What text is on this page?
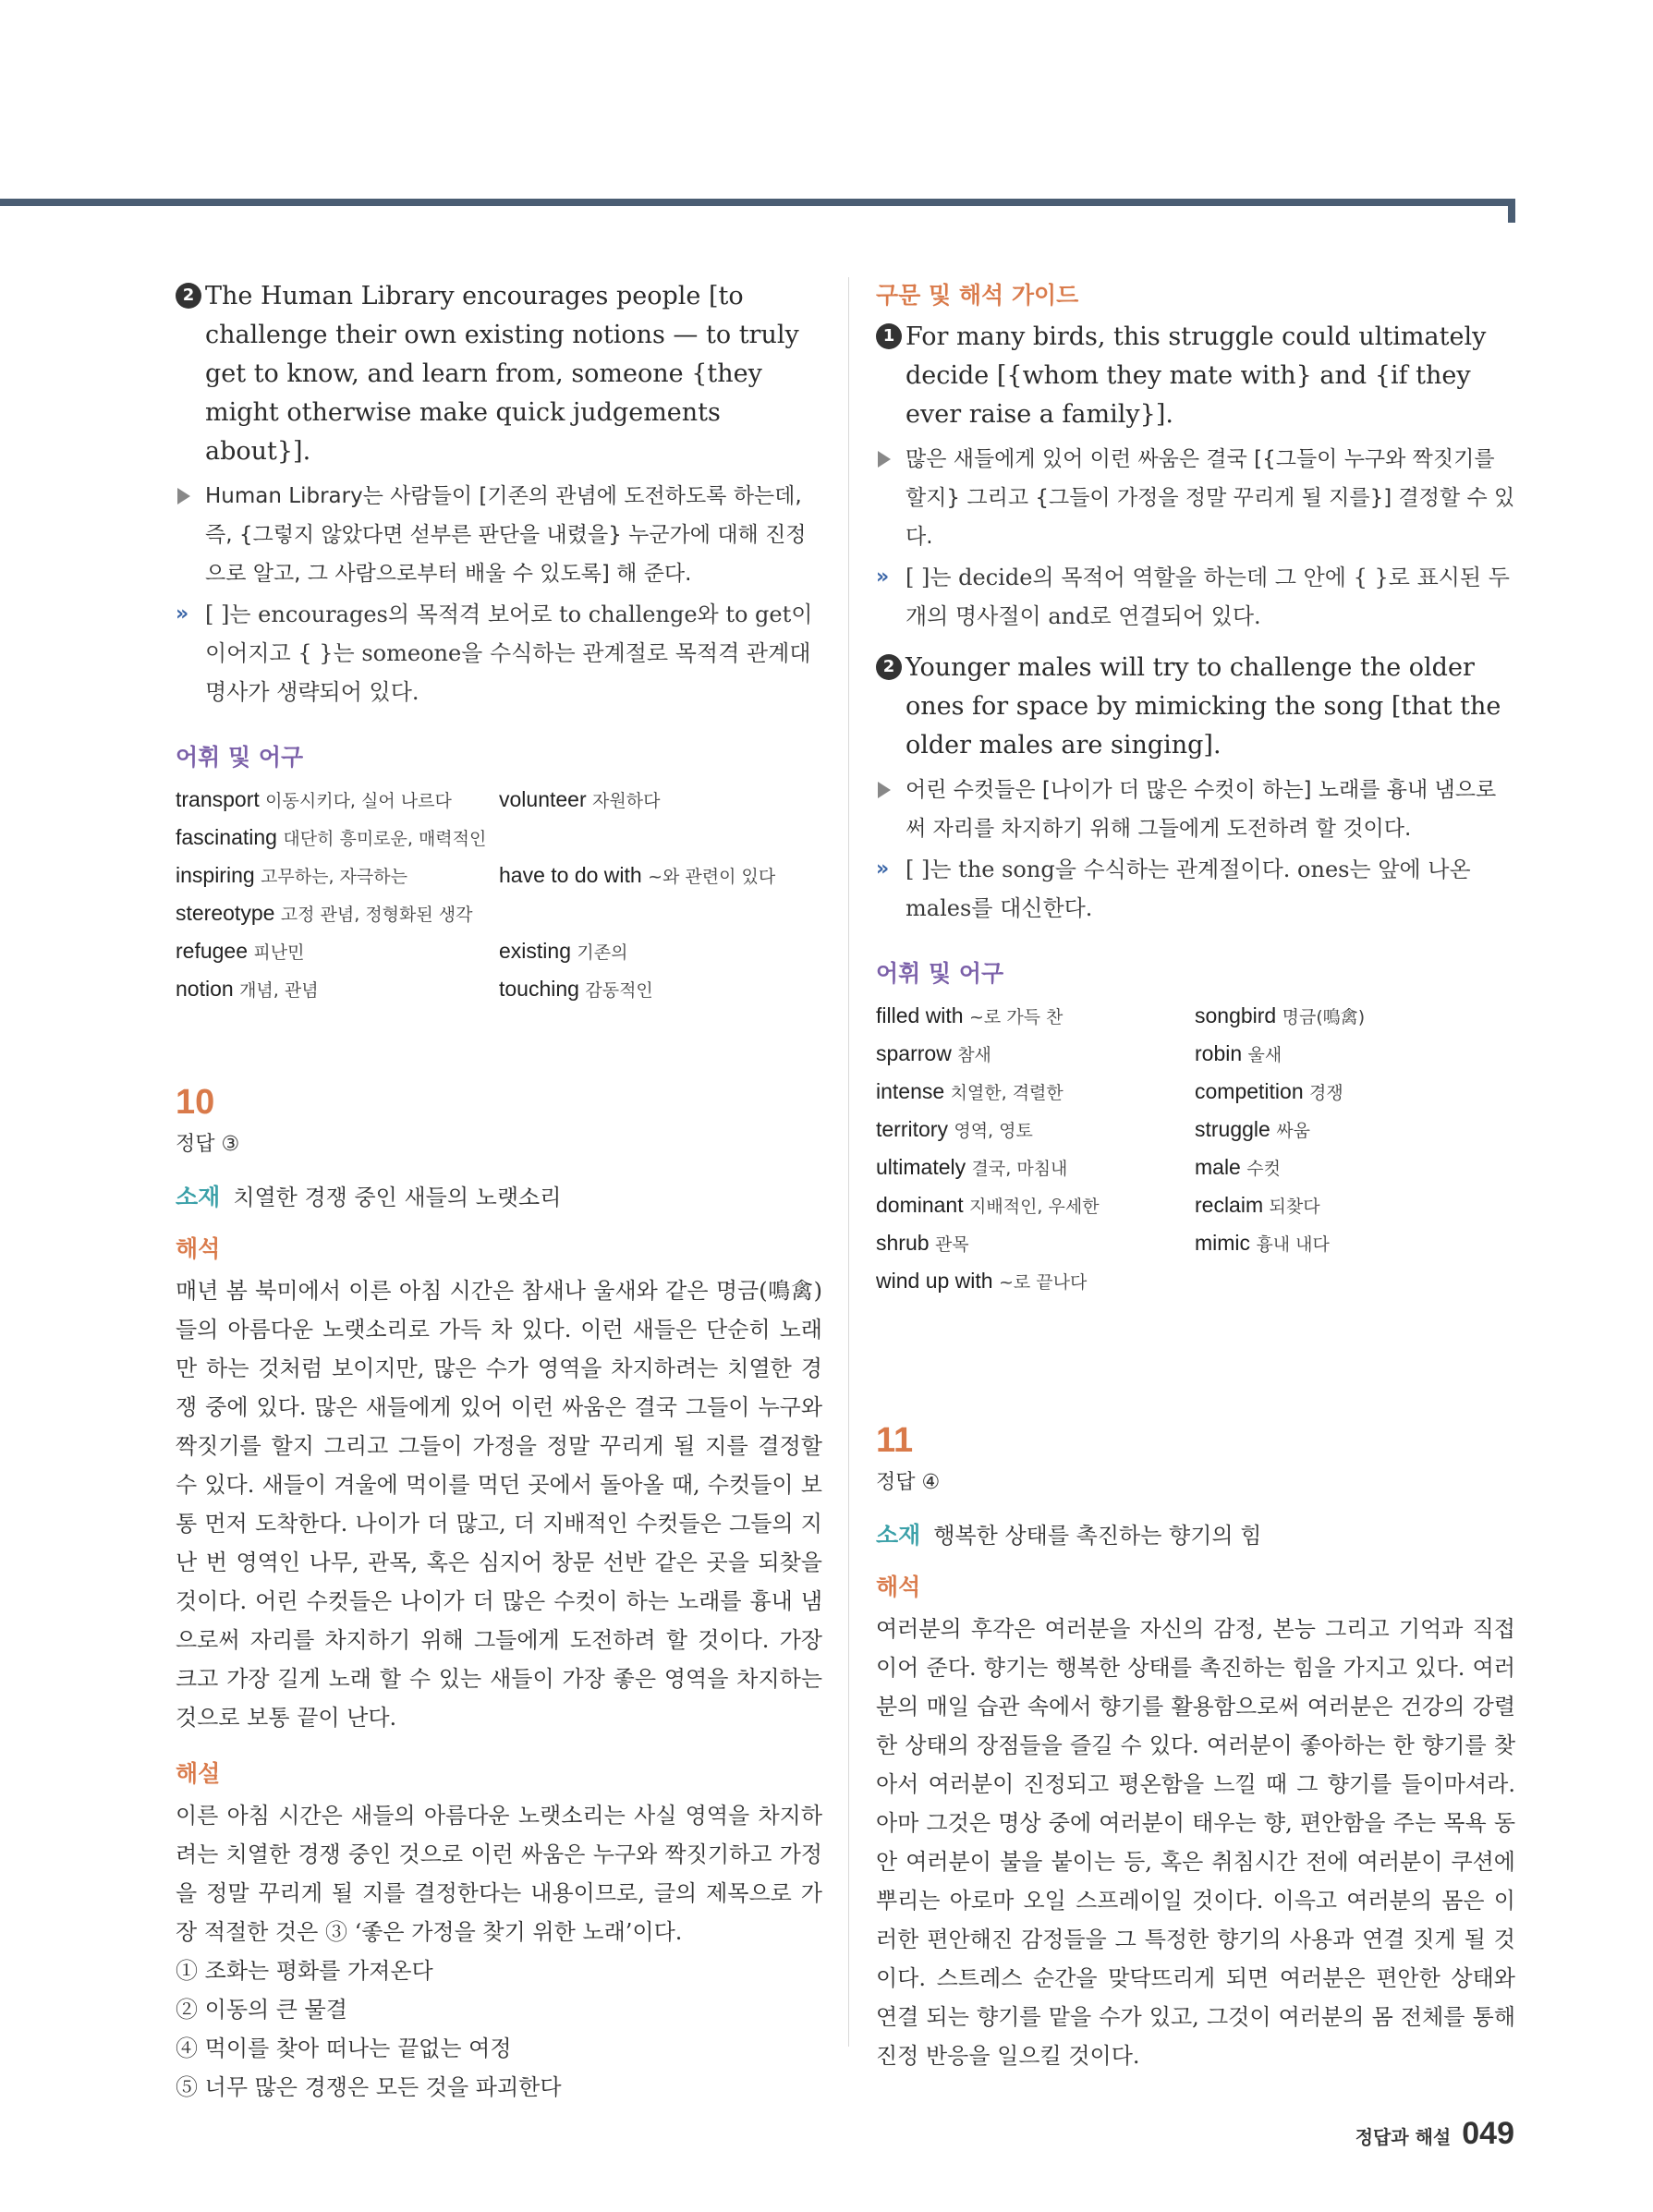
2 The Human Library encourages people [to challenge their own existing notions — to truly get to know, and learn from, someone {they might otherwise make quick judgements about}].
Human Library는 사람들이 [기존의 관념에 도전하도록 하는데, 즉, {그렇지 않았다면 섣부른 판단을 내렸을} 누군가에 대해 진정으로 알고, 그 사람으로부터 배울 수 있도록] 해 준다.
» [ ]는 encourages의 목적격 보어로 to challenge와 to get이 이어지고 { }는 someone을 수식하는 관계절로 목적격 관계대명사가 생략되어 있다.
어휘 및 어구
transport 이동시키다, 실어 나르다	volunteer 자원하다
fascinating 대단히 흥미로운, 매력적인
inspiring 고무하는, 자극하는	have to do with ~와 관련이 있다
stereotype 고정 관념, 정형화된 생각
refugee 피난민	existing 기존의
notion 개념, 관념	touching 감동적인
10
정답 ③
소재 치열한 경쟁 중인 새들의 노랫소리
해석
매년 봄 북미에서 이른 아침 시간은 참새나 울새와 같은 명금(鳴禽)들의 아름다운 노랫소리로 가득 차 있다. 이런 새들은 단순히 노래만 하는 것처럼 보이지만, 많은 수가 영역을 차지하려는 치열한 경쟁 중에 있다. 많은 새들에게 있어 이런 싸움은 결국 그들이 누구와 짝짓기를 할지 그리고 그들이 가정을 정말 꾸리게 될 지를 결정할 수 있다. 새들이 겨울에 먹이를 먹던 곳에서 돌아올 때, 수컷들이 보통 먼저 도착한다. 나이가 더 많고, 더 지배적인 수컷들은 그들의 지난 번 영역인 나무, 관목, 혹은 심지어 창문 선반 같은 곳을 되찾을 것이다. 어린 수컷들은 나이가 더 많은 수컷이 하는 노래를 흉내 냄으로써 자리를 차지하기 위해 그들에게 도전하려 할 것이다. 가장 크고 가장 길게 노래 할 수 있는 새들이 가장 좋은 영역을 차지하는 것으로 보통 끝이 난다.
해설
이른 아침 시간은 새들의 아름다운 노랫소리는 사실 영역을 차지하려는 치열한 경쟁 중인 것으로 이런 싸움은 누구와 짝짓기하고 가정을 정말 꾸리게 될 지를 결정한다는 내용이므로, 글의 제목으로 가장 적절한 것은 ③ ‘좋은 가정을 찾기 위한 노래’이다.
① 조화는 평화를 가져온다
② 이동의 큰 물결
④ 먹이를 찾아 떠나는 끝없는 여정
⑤ 너무 많은 경쟁은 모든 것을 파괴한다
구문 및 해석 가이드
1 For many birds, this struggle could ultimately decide [{whom they mate with} and {if they ever raise a family}].
많은 새들에게 있어 이런 싸움은 결국 [{그들이 누구와 짝짓기를 할지} 그리고 {그들이 가정을 정말 꾸리게 될 지를}] 결정할 수 있다.
» [ ]는 decide의 목적어 역할을 하는데 그 안에 { }로 표시된 두 개의 명사절이 and로 연결되어 있다.
2 Younger males will try to challenge the older ones for space by mimicking the song [that the older males are singing].
어린 수컷들은 [나이가 더 많은 수컷이 하는] 노래를 흉내 냄으로써 자리를 차지하기 위해 그들에게 도전하려 할 것이다.
» [ ]는 the song을 수식하는 관계절이다. ones는 앞에 나온 males를 대신한다.
어휘 및 어구
filled with ~로 가득 찬	songbird 명금(鳴禽)
sparrow 참새	robin 울새
intense 치열한, 격렬한	competition 경쟁
territory 영역, 영토	struggle 싸움
ultimately 결국, 마침내	male 수컷
dominant 지배적인, 우세한	reclaim 되찾다
shrub 관목	mimic 흉내 내다
wind up with ~로 끝나다
11
정답 ④
소재 행복한 상태를 촉진하는 향기의 힘
해석
여러분의 후각은 여러분을 자신의 감정, 본능 그리고 기억과 직접 이어 준다. 향기는 행복한 상태를 촉진하는 힘을 가지고 있다. 여러분의 매일 습관 속에서 향기를 활용함으로써 여러분은 건강의 강렬한 상태의 장점들을 즐길 수 있다. 여러분이 좋아하는 한 향기를 찾아서 여러분이 진정되고 평온함을 느낄 때 그 향기를 들이마셔라. 아마 그것은 명상 중에 여러분이 태우는 향, 편안함을 주는 목욕 동안 여러분이 불을 붙이는 등, 혹은 취침시간 전에 여러분이 쿠션에 뿌리는 아로마 오일 스프레이일 것이다. 이윽고 여러분의 몸은 이러한 편안해진 감정들을 그 특정한 향기의 사용과 연결 짓게 될 것이다. 스트레스 순간을 맞닥뜨리게 되면 여러분은 편안한 상태와 연결 되는 향기를 맡을 수가 있고, 그것이 여러분의 몸 전체를 통해 진정 반응을 일으킬 것이다.
정답과 해설 049
